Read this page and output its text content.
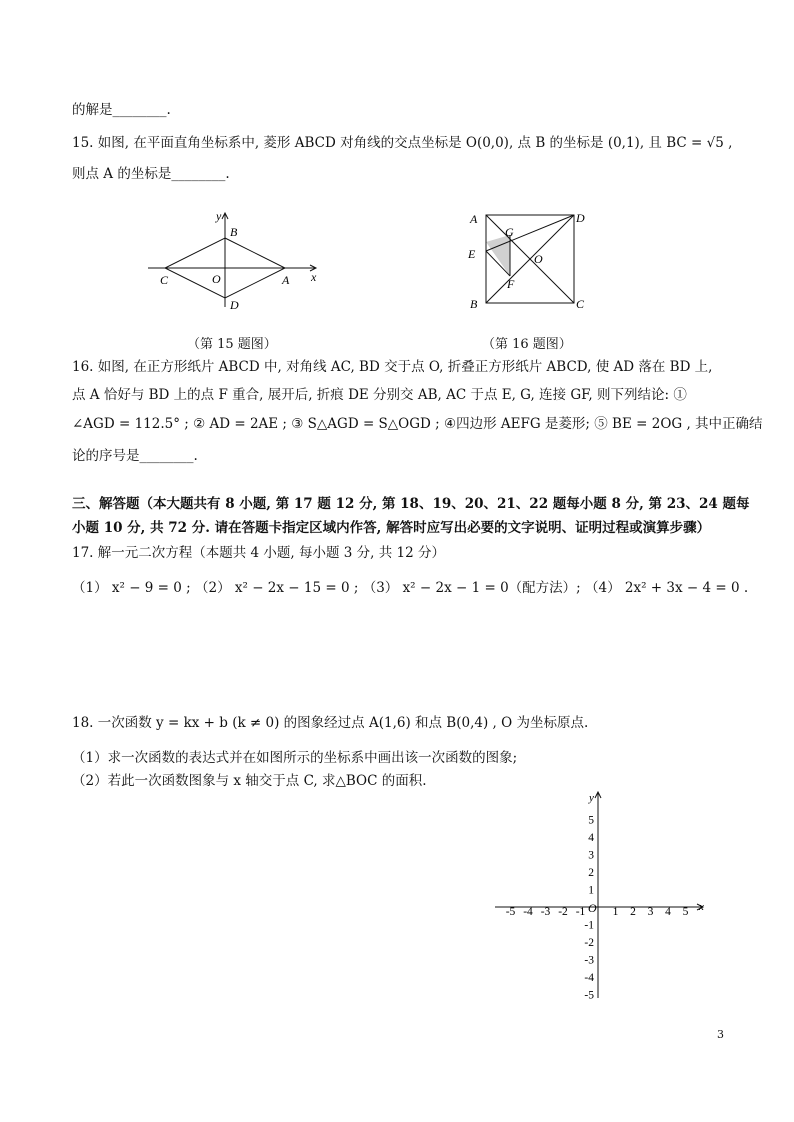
的解是________.
15. 如图, 在平面直角坐标系中, 菱形 ABCD 对角线的交点坐标是 O(0,0), 点 B 的坐标是 (0,1), 且 BC = √5 ,
则点 A 的坐标是________.
y
x
B
C	O	A
D
（第 15 题图）
A	D
G
E	O
F
B	C
（第 16 题图）
16. 如图, 在正方形纸片 ABCD 中, 对角线 AC, BD 交于点 O, 折叠正方形纸片 ABCD, 使 AD 落在 BD 上,
点 A 恰好与 BD 上的点 F 重合, 展开后, 折痕 DE 分别交 AB, AC 于点 E, G, 连接 GF, 则下列结论: ①
∠AGD = 112.5° ; ② AD = 2AE ; ③ S△AGD = S△OGD ; ④四边形 AEFG 是菱形; ⑤ BE = 2OG , 其中正确结
论的序号是________.
三、解答题（本大题共有 8 小题, 第 17 题 12 分, 第 18、19、20、21、22 题每小题 8 分, 第 23、24 题每
小题 10 分, 共 72 分. 请在答题卡指定区域内作答, 解答时应写出必要的文字说明、证明过程或演算步骤）
17. 解一元二次方程（本题共 4 小题, 每小题 3 分, 共 12 分）
（1） x² − 9 = 0 ; （2） x² − 2x − 15 = 0 ; （3） x² − 2x − 1 = 0（配方法）; （4） 2x² + 3x − 4 = 0 .
18. 一次函数 y = kx + b (k ≠ 0) 的图象经过点 A(1,6) 和点 B(0,4) , O 为坐标原点.
（1）求一次函数的表达式并在如图所示的坐标系中画出该一次函数的图象;
（2）若此一次函数图象与 x 轴交于点 C, 求△BOC 的面积.
y
x
O
-5 -4 -3 -2 -1 1 2 3 4 5
5
4
3
2
1
-1
-2
-3
-4
-5
3
